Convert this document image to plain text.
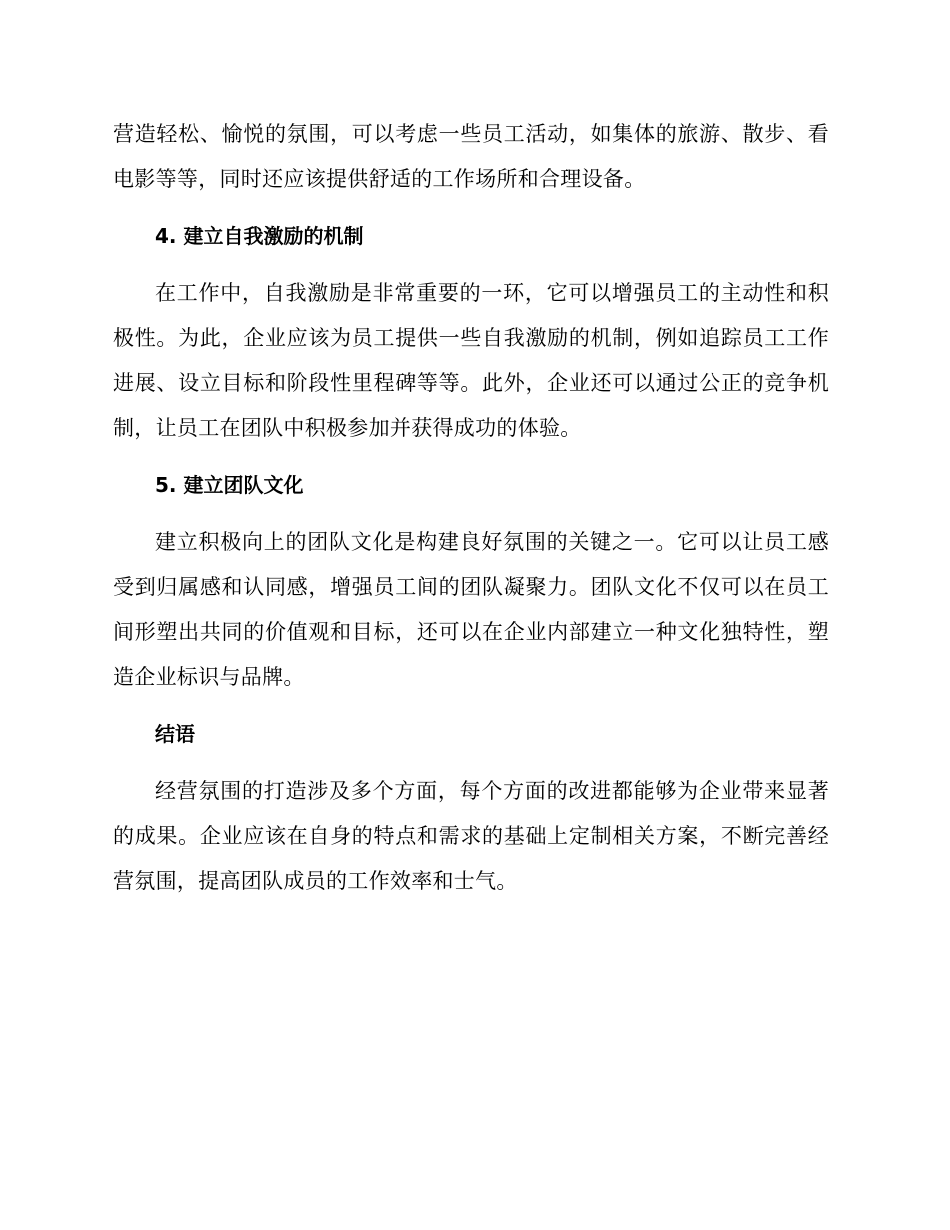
营造轻松、愉悦的氛围，可以考虑一些员工活动，如集体的旅游、散步、看电影等等，同时还应该提供舒适的工作场所和合理设备。

4. 建立自我激励的机制

在工作中，自我激励是非常重要的一环，它可以增强员工的主动性和积极性。为此，企业应该为员工提供一些自我激励的机制，例如追踪员工工作进展、设立目标和阶段性里程碑等等。此外，企业还可以通过公正的竞争机制，让员工在团队中积极参加并获得成功的体验。

5. 建立团队文化

建立积极向上的团队文化是构建良好氛围的关键之一。它可以让员工感受到归属感和认同感，增强员工间的团队凝聚力。团队文化不仅可以在员工间形塑出共同的价值观和目标，还可以在企业内部建立一种文化独特性，塑造企业标识与品牌。

结语

经营氛围的打造涉及多个方面，每个方面的改进都能够为企业带来显著的成果。企业应该在自身的特点和需求的基础上定制相关方案，不断完善经营氛围，提高团队成员的工作效率和士气。
